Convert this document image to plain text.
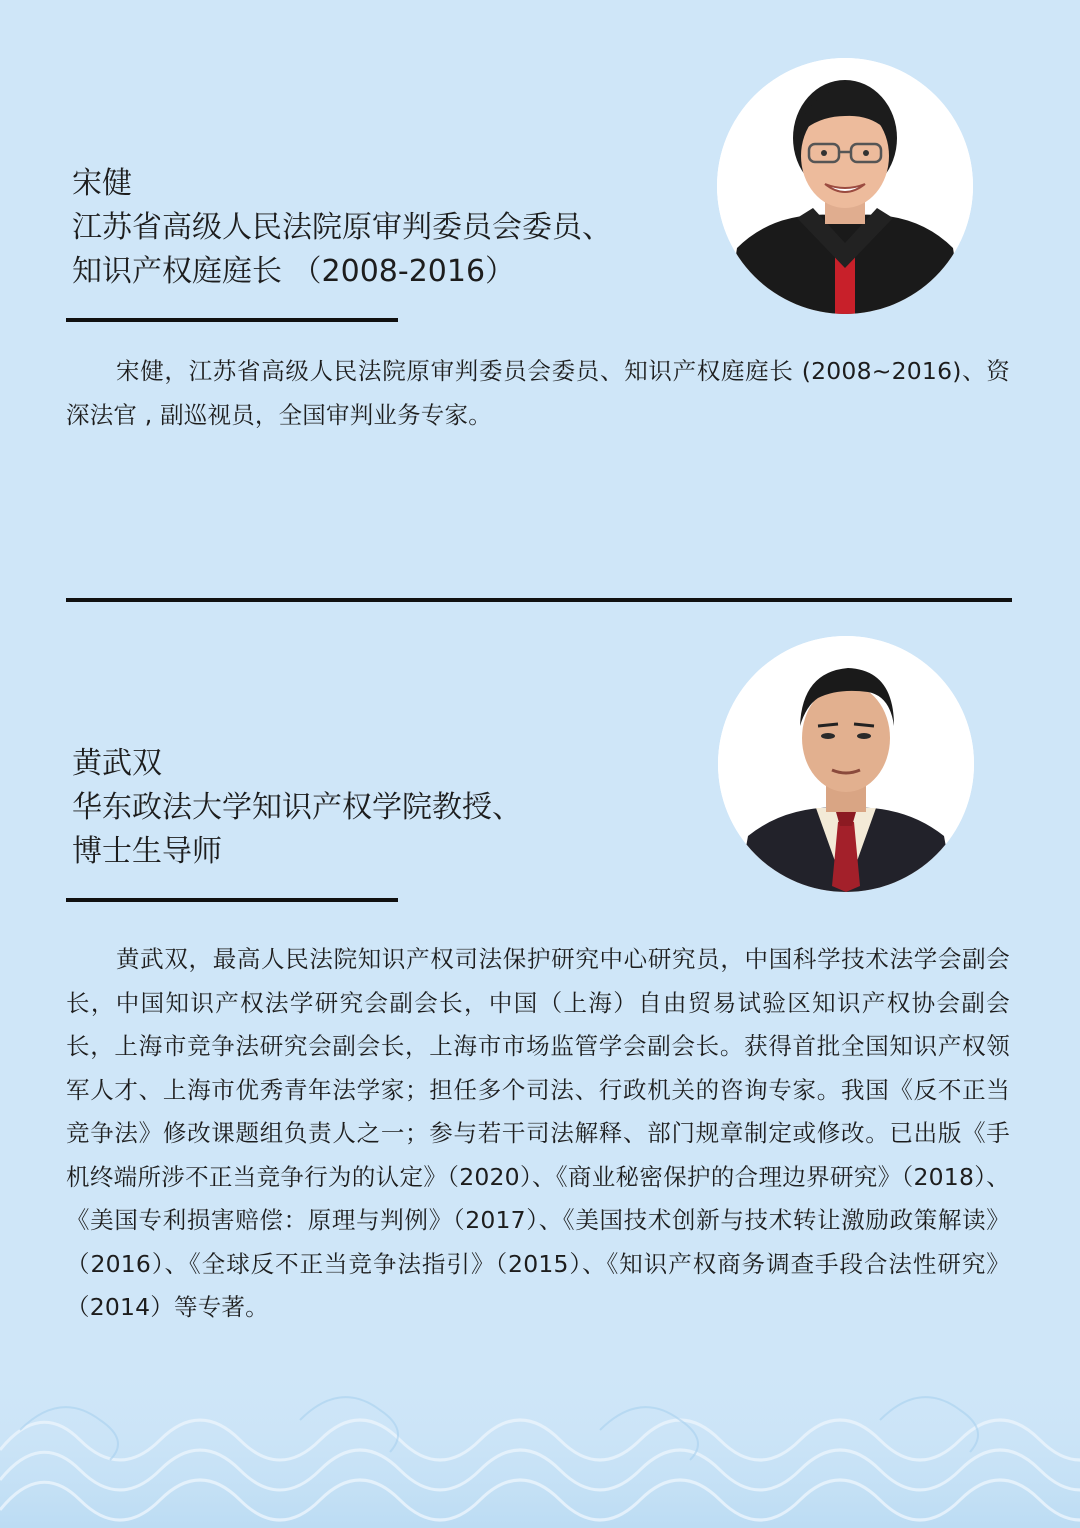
宋健
江苏省高级人民法院原审判委员会委员、
知识产权庭庭长 （2008-2016）

宋健，江苏省高级人民法院原审判委员会委员、知识产权庭庭长 (2008~2016)、资深法官 , 副巡视员，全国审判业务专家。

黄武双
华东政法大学知识产权学院教授、
博士生导师

黄武双，最高人民法院知识产权司法保护研究中心研究员，中国科学技术法学会副会长，中国知识产权法学研究会副会长，中国（上海）自由贸易试验区知识产权协会副会长，上海市竞争法研究会副会长，上海市市场监管学会副会长。获得首批全国知识产权领军人才、上海市优秀青年法学家；担任多个司法、行政机关的咨询专家。我国《反不正当竞争法》修改课题组负责人之一；参与若干司法解释、部门规章制定或修改。已出版《手机终端所涉不正当竞争行为的认定》（2020）、《商业秘密保护的合理边界研究》（2018）、《美国专利损害赔偿：原理与判例》（2017）、《美国技术创新与技术转让激励政策解读》（2016）、《全球反不正当竞争法指引》（2015）、《知识产权商务调查手段合法性研究》（2014）等专著。
